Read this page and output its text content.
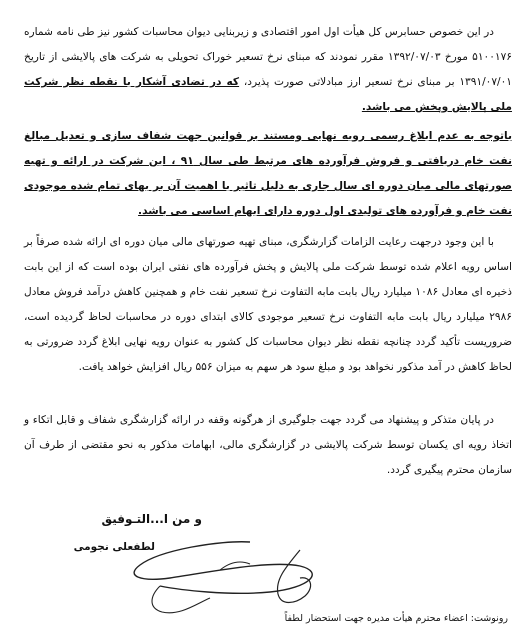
در این خصوص حسابرس کل هیأت اول امور اقتصادی و زیربنایی دیوان محاسبات کشور نیز طی نامه شماره ۵۱۰۰۱۷۶ مورخ ۱۳۹۲/۰۷/۰۳ مقرر نمودند که مبنای نرخ تسعیر خوراک تحویلی به شرکت های پالایشی از تاریخ ۱۳۹۱/۰۷/۰۱ بر مبنای نرخ تسعیر ارز مبادلاتی صورت پذیرد، که در تضادی آشکار با نقطه نظر شرکت ملی پالایش وپخش می باشد.

باتوجه به عدم ابلاغ رسمی رویه نهایی ومستند بر قوانین جهت شفاف سازی و تعدیل مبالغ نفت خام دریافتی و فروش فرآورده های مرتبط طی سال ۹۱ ، این شرکت در ارائه و تهیه صورتهای مالی میان دوره ای سال جاری به دلیل تاثیر با اهمیت آن بر بهای تمام شده موجودی نفت خام و فرآورده های تولیدی اول دوره دارای ابهام اساسی می باشد.

با این وجود درجهت رعایت الزامات گزارشگری، مبنای تهیه صورتهای مالی میان دوره ای ارائه شده صرفاً بر اساس رویه اعلام شده توسط شرکت ملی پالایش و پخش فرآورده های نفتی ایران بوده است که از این بابت ذخیره ای معادل ۱۰۸۶ میلیارد ریال بابت مابه التفاوت نرخ تسعیر نفت خام و همچنین کاهش درآمد فروش معادل ۲۹۸۶ میلیارد ریال بابت مابه التفاوت نرخ تسعیر موجودی کالای ابتدای دوره در محاسبات لحاظ گردیده است، ضروریست تأکید گردد چنانچه نقطه نظر دیوان محاسبات کل کشور به عنوان رویه نهایی ابلاغ گردد ضرورتی به لحاظ کاهش در آمد مذکور نخواهد بود و مبلغ سود هر سهم به میزان ۵۵۶ ریال افزایش خواهد یافت.

در پایان متذکر و پیشنهاد می گردد جهت جلوگیری از هرگونه وقفه در ارائه گزارشگری شفاف و قابل اتکاء و اتخاذ رویه ای یکسان توسط شرکت پالایشی در گزارشگری مالی، ابهامات مذکور به نحو مقتضی از طرف آن سازمان محترم پیگیری گردد.

و من ا...التـوفیق
لطفعلی نجومی
رونوشت: اعضاء محترم هیأت مدیره جهت استحضار لطفاً
